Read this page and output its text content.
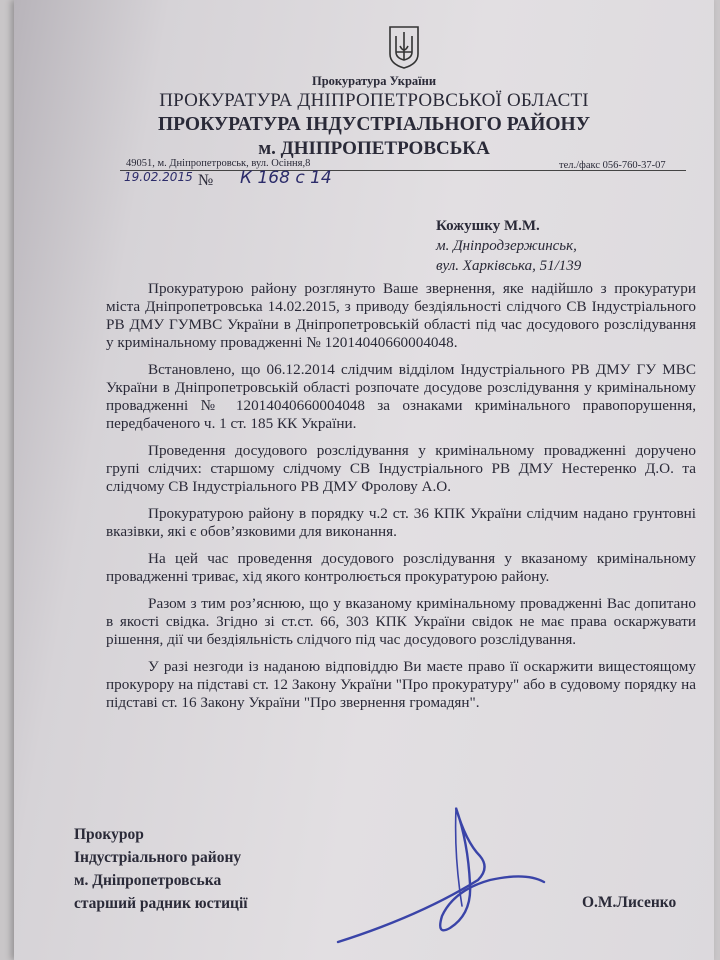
Прокуратура України
ПРОКУРАТУРА ДНІПРОПЕТРОВСЬКОЇ ОБЛАСТІ
ПРОКУРАТУРА ІНДУСТРІАЛЬНОГО РАЙОНУ
м. ДНІПРОПЕТРОВСЬКА
49051, м. Дніпропетровськ, вул. Осіння,8	тел./факс 056-760-37-07
19.02.2015 № К 168 с 14
Кожушку М.М.
м. Дніпродзержинськ,
вул. Харківська, 51/139

Прокуратурою району розглянуто Ваше звернення, яке надійшло з прокуратури міста Дніпропетровська 14.02.2015, з приводу бездіяльності слідчого СВ Індустріального РВ ДМУ ГУМВС України в Дніпропетровській області під час досудового розслідування у кримінальному провадженні № 12014040660004048.

Встановлено, що 06.12.2014 слідчим відділом Індустріального РВ ДМУ ГУ МВС України в Дніпропетровській області розпочате досудове розслідування у кримінальному провадженні № 12014040660004048 за ознаками кримінального правопорушення, передбаченого ч. 1 ст. 185 КК України.

Проведення досудового розслідування у кримінальному провадженні доручено групі слідчих: старшому слідчому СВ Індустріального РВ ДМУ Нестеренко Д.О. та слідчому СВ Індустріального РВ ДМУ Фролову А.О.

Прокуратурою району в порядку ч.2 ст. 36 КПК України слідчим надано грунтовні вказівки, які є обов’язковими для виконання.

На цей час проведення досудового розслідування у вказаному кримінальному провадженні триває, хід якого контролюється прокуратурою району.

Разом з тим роз’яснюю, що у вказаному кримінальному провадженні Вас допитано в якості свідка. Згідно зі ст.ст. 66, 303 КПК України свідок не має права оскаржувати рішення, дії чи бездіяльність слідчого під час досудового розслідування.

У разі незгоди із наданою відповіддю Ви маєте право її оскаржити вищестоящому прокурору на підставі ст. 12 Закону України "Про прокуратуру" або в судовому порядку на підставі ст. 16 Закону України "Про звернення громадян".

Прокурор
Індустріального району
м. Дніпропетровська
старший радник юстиції	О.М.Лисенко
